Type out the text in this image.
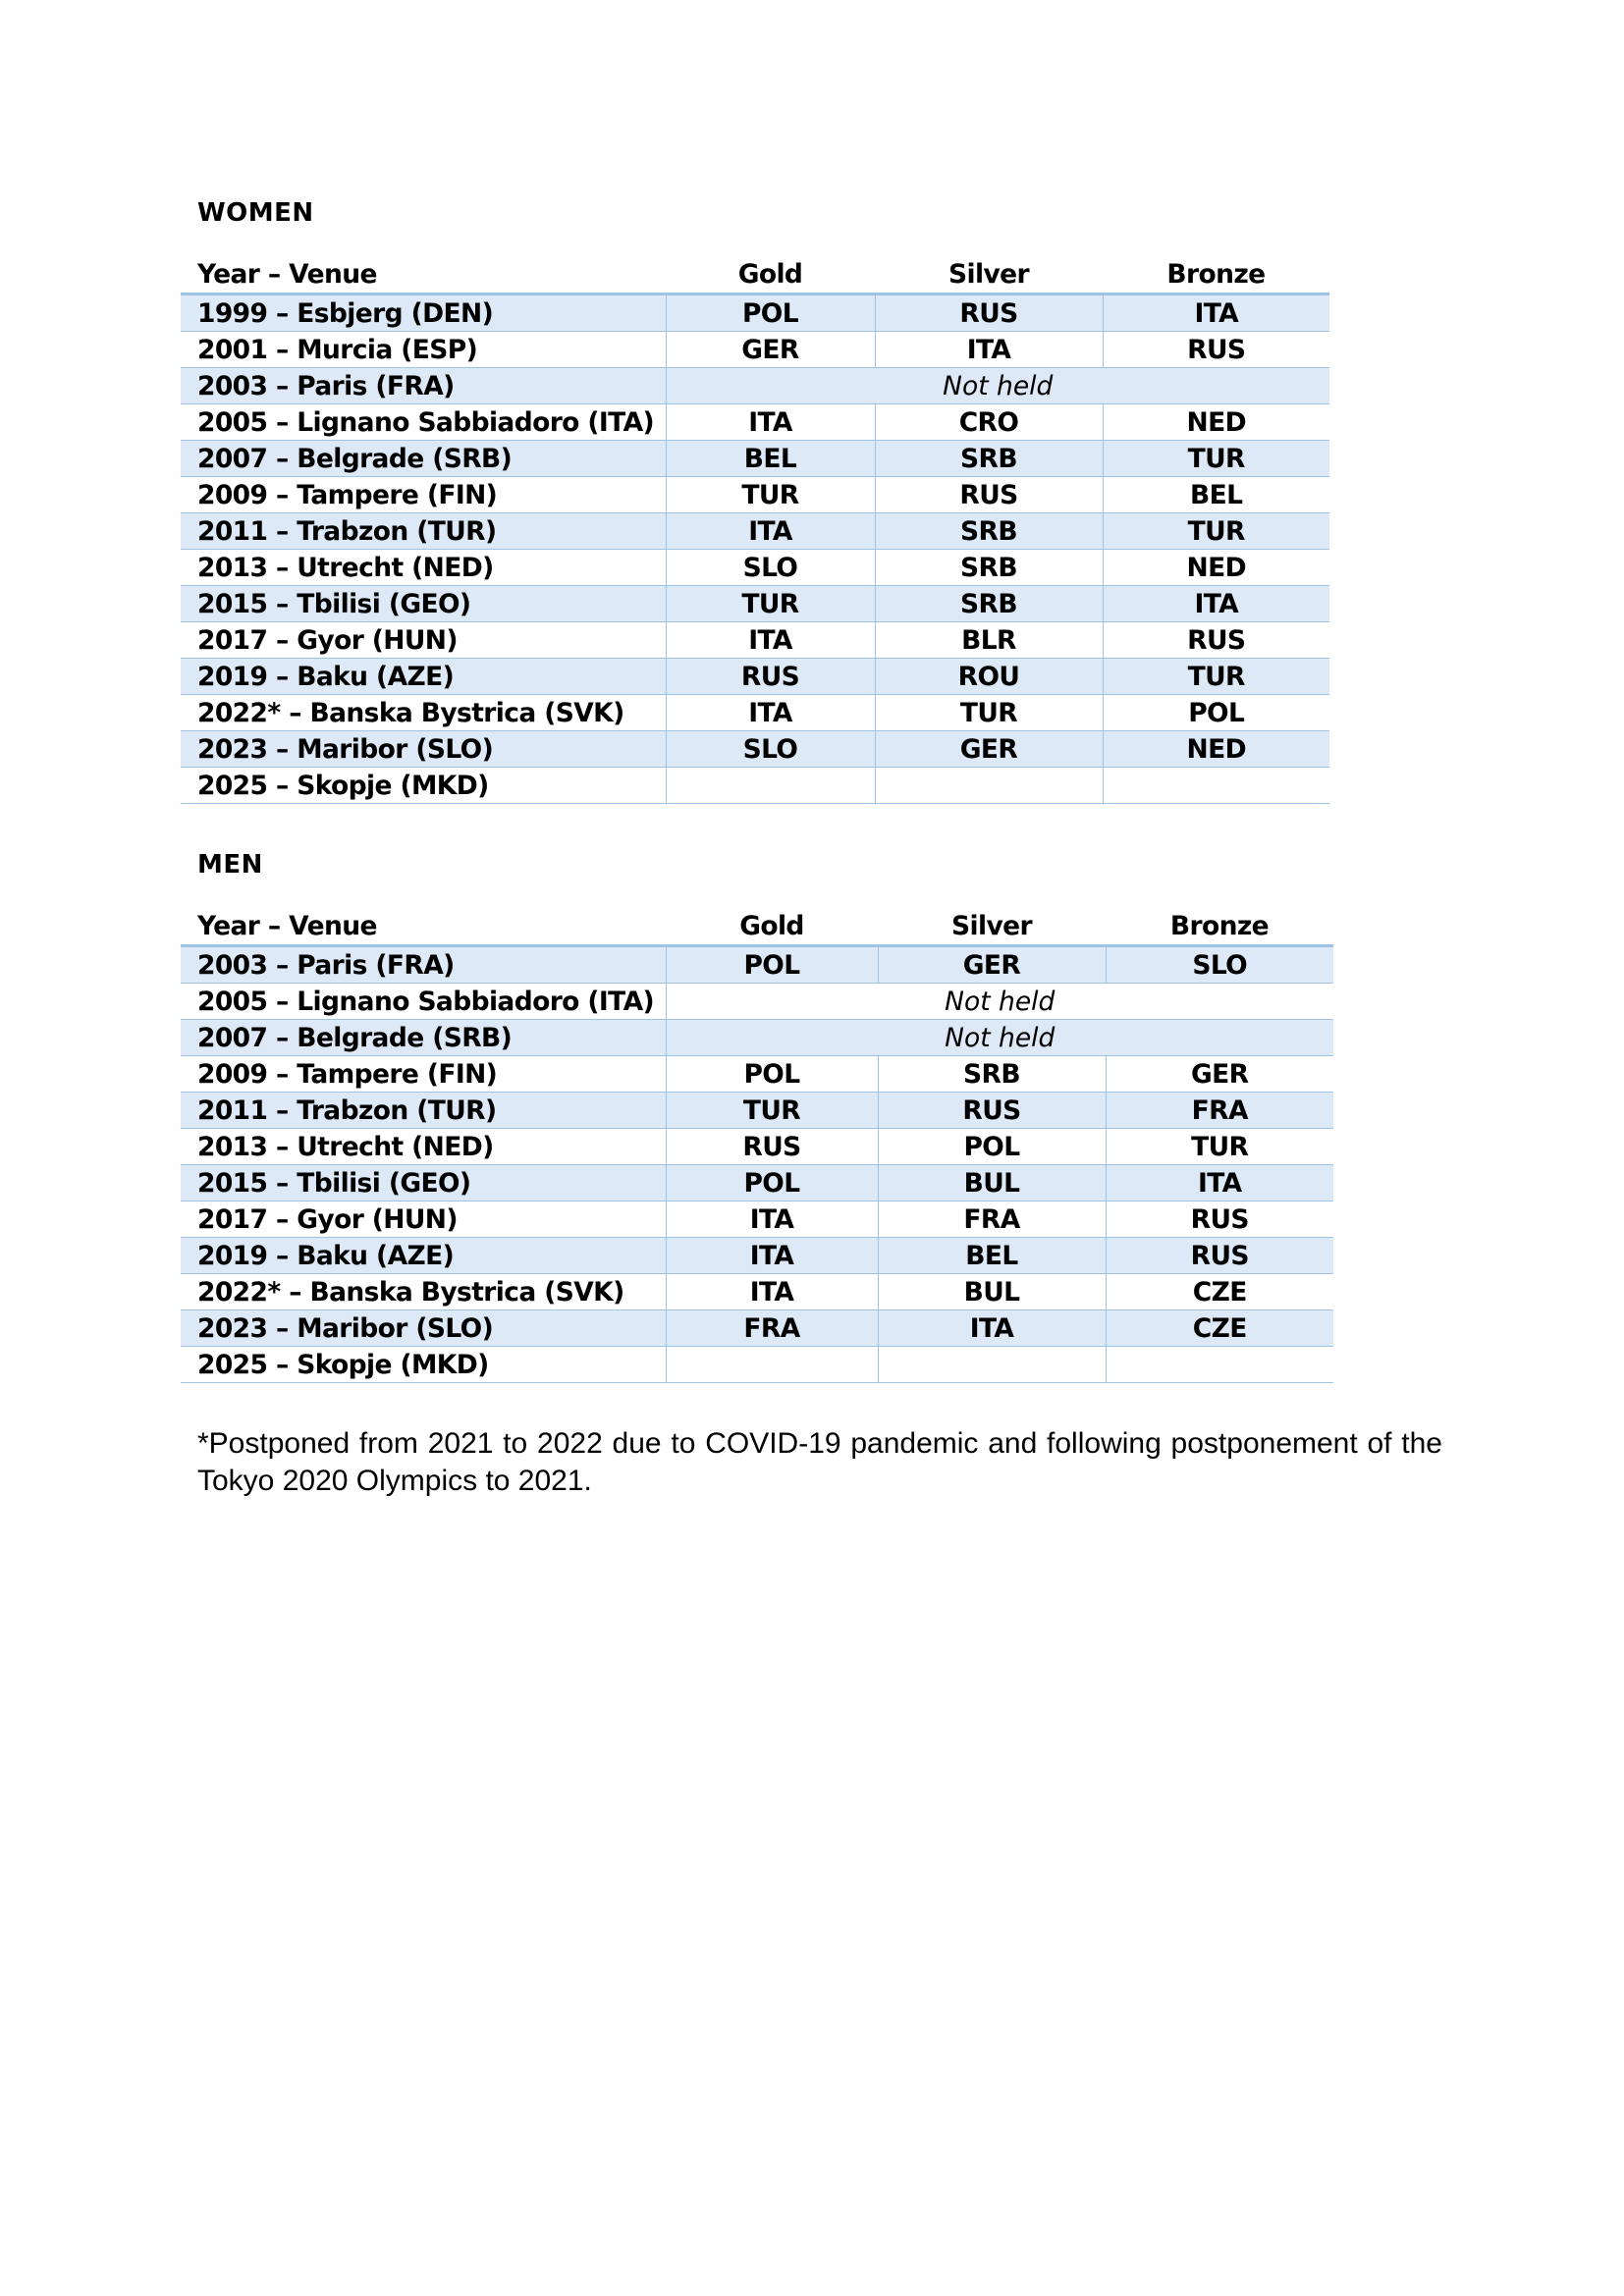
WOMEN
Year – Venue	Gold	Silver	Bronze
1999 – Esbjerg (DEN)	POL	RUS	ITA
2001 – Murcia (ESP)	GER	ITA	RUS
2003 – Paris (FRA)	Not held		
2005 – Lignano Sabbiadoro (ITA)	ITA	CRO	NED
2007 – Belgrade (SRB)	BEL	SRB	TUR
2009 – Tampere (FIN)	TUR	RUS	BEL
2011 – Trabzon (TUR)	ITA	SRB	TUR
2013 – Utrecht (NED)	SLO	SRB	NED
2015 – Tbilisi (GEO)	TUR	SRB	ITA
2017 – Gyor (HUN)	ITA	BLR	RUS
2019 – Baku (AZE)	RUS	ROU	TUR
2022* – Banska Bystrica (SVK)	ITA	TUR	POL
2023 – Maribor (SLO)	SLO	GER	NED
2025 – Skopje (MKD)			
MEN
Year – Venue	Gold	Silver	Bronze
2003 – Paris (FRA)	POL	GER	SLO
2005 – Lignano Sabbiadoro (ITA)	Not held		
2007 – Belgrade (SRB)	Not held		
2009 – Tampere (FIN)	POL	SRB	GER
2011 – Trabzon (TUR)	TUR	RUS	FRA
2013 – Utrecht (NED)	RUS	POL	TUR
2015 – Tbilisi (GEO)	POL	BUL	ITA
2017 – Gyor (HUN)	ITA	FRA	RUS
2019 – Baku (AZE)	ITA	BEL	RUS
2022* – Banska Bystrica (SVK)	ITA	BUL	CZE
2023 – Maribor (SLO)	FRA	ITA	CZE
2025 – Skopje (MKD)			

*Postponed from 2021 to 2022 due to COVID-19 pandemic and following postponement of the Tokyo 2020 Olympics to 2021.
